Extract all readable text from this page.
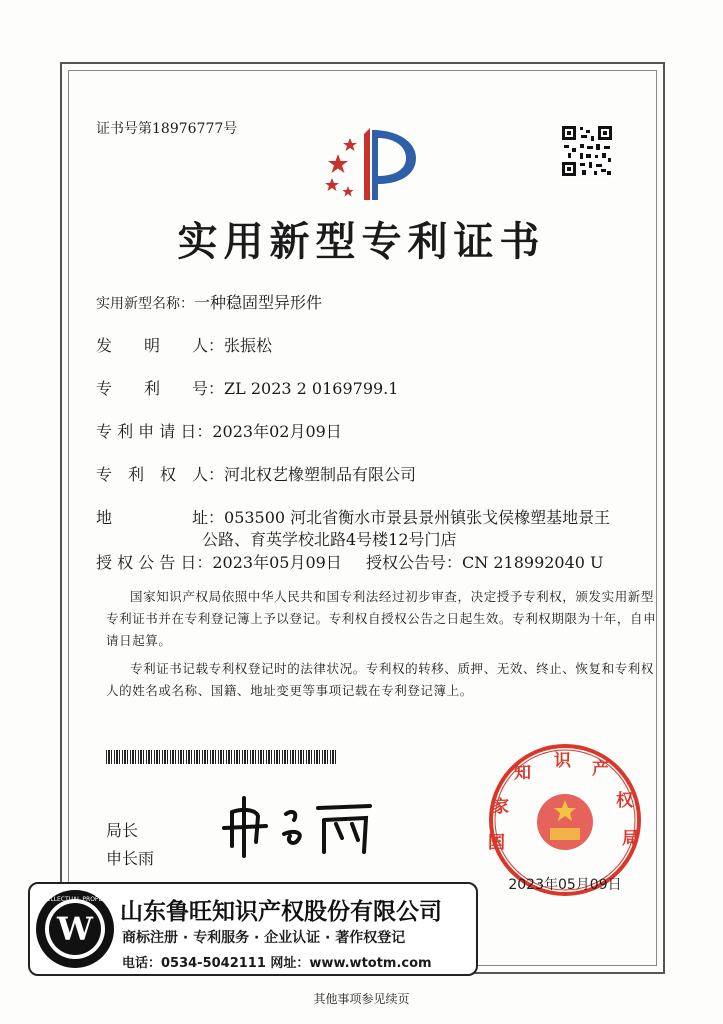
证书号第18976777号
实用新型专利证书
实用新型名称：一种稳固型异形件
发　　明　　人：张振松
专　　利　　号：ZL 2023 2 0169799.1
专 利 申 请 日：2023年02月09日
专　利　权　人：河北权艺橡塑制品有限公司
地　　　　　址：053500 河北省衡水市景县景州镇张戈侯橡塑基地景王
公路、育英学校北路4号楼12号门店
授 权 公 告 日：2023年05月09日 授权公告号：CN 218992040 U
国家知识产权局依照中华人民共和国专利法经过初步审查，决定授予专利权，颁发实用新型
专利证书并在专利登记簿上予以登记。专利权自授权公告之日起生效。专利权期限为十年，自申
请日起算。
专利证书记载专利权登记时的法律状况。专利权的转移、质押、无效、终止、恢复和专利权
人的姓名或名称、国籍、地址变更等事项记载在专利登记簿上。
局长
申长雨
国家知 识 产权局
2023年05月09日
W
INTELLECTUAL PROPERTY 山东鲁旺知识产权股份有限公司
商标注册 · 专利服务 · 企业认证 · 著作权登记
电话：0534-5042111 网址：www.wtotm.com
其他事项参见续页
